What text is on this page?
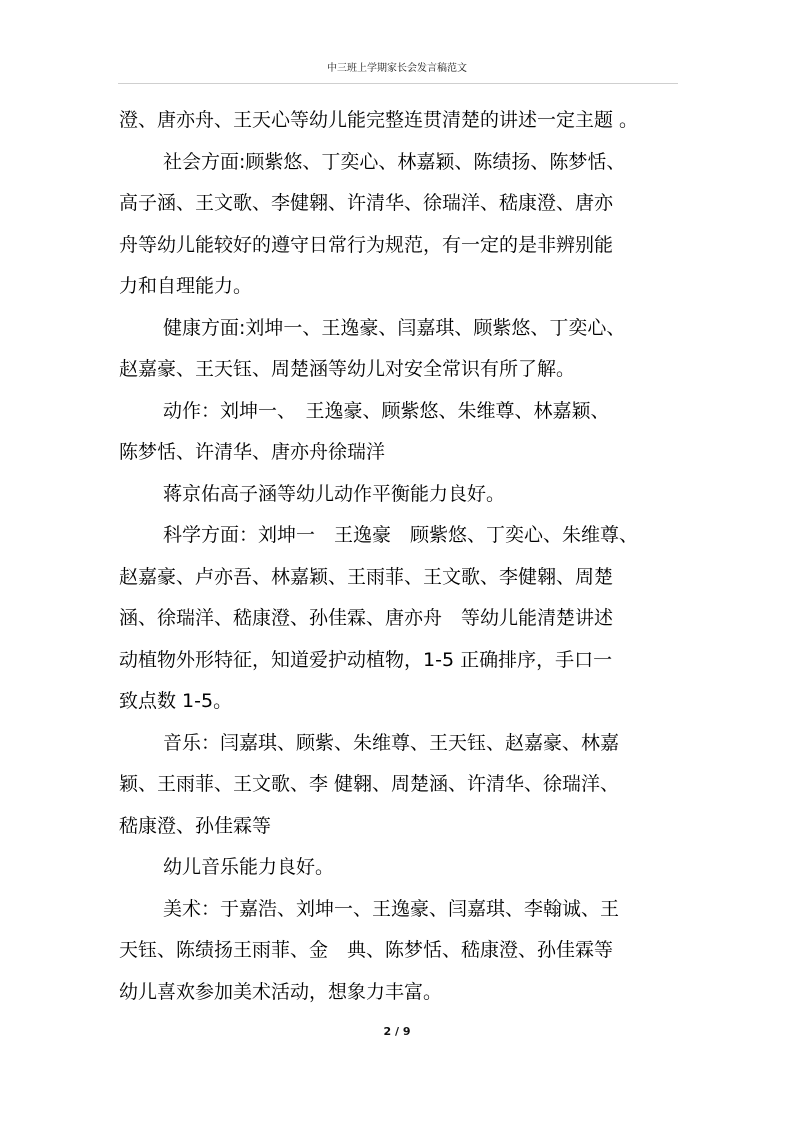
中三班上学期家长会发言稿范文

澄、唐亦舟、王天心等幼儿能完整连贯清楚的讲述一定主题 。

社会方面:顾紫悠、丁奕心、林嘉颖、陈绩扬、陈梦恬、

高子涵、王文歌、李健翱、许清华、徐瑞洋、嵇康澄、唐亦

舟等幼儿能较好的遵守日常行为规范，有一定的是非辨别能

力和自理能力。

健康方面:刘坤一、王逸豪、闫嘉琪、顾紫悠、丁奕心、

赵嘉豪、王天钰、周楚涵等幼儿对安全常识有所了解。

动作：刘坤一、　王逸豪、顾紫悠、朱维尊、林嘉颖、

陈梦恬、许清华、唐亦舟徐瑞洋

蒋京佑高子涵等幼儿动作平衡能力良好。

科学方面：刘坤一　王逸豪　顾紫悠、丁奕心、朱维尊、

赵嘉豪、卢亦吾、林嘉颖、王雨菲、王文歌、李健翱、周楚

涵、徐瑞洋、嵇康澄、孙佳霖、唐亦舟　等幼儿能清楚讲述

动植物外形特征，知道爱护动植物，1-5 正确排序，手口一

致点数 1-5。

音乐：闫嘉琪、顾紫、朱维尊、王天钰、赵嘉豪、林嘉

颖、王雨菲、王文歌、李 健翱、周楚涵、许清华、徐瑞洋、

嵇康澄、孙佳霖等

幼儿音乐能力良好。

美术：于嘉浩、刘坤一、王逸豪、闫嘉琪、李翰诚、王

天钰、陈绩扬王雨菲、金　典、陈梦恬、嵇康澄、孙佳霖等

幼儿喜欢参加美术活动，想象力丰富。

2 / 9
